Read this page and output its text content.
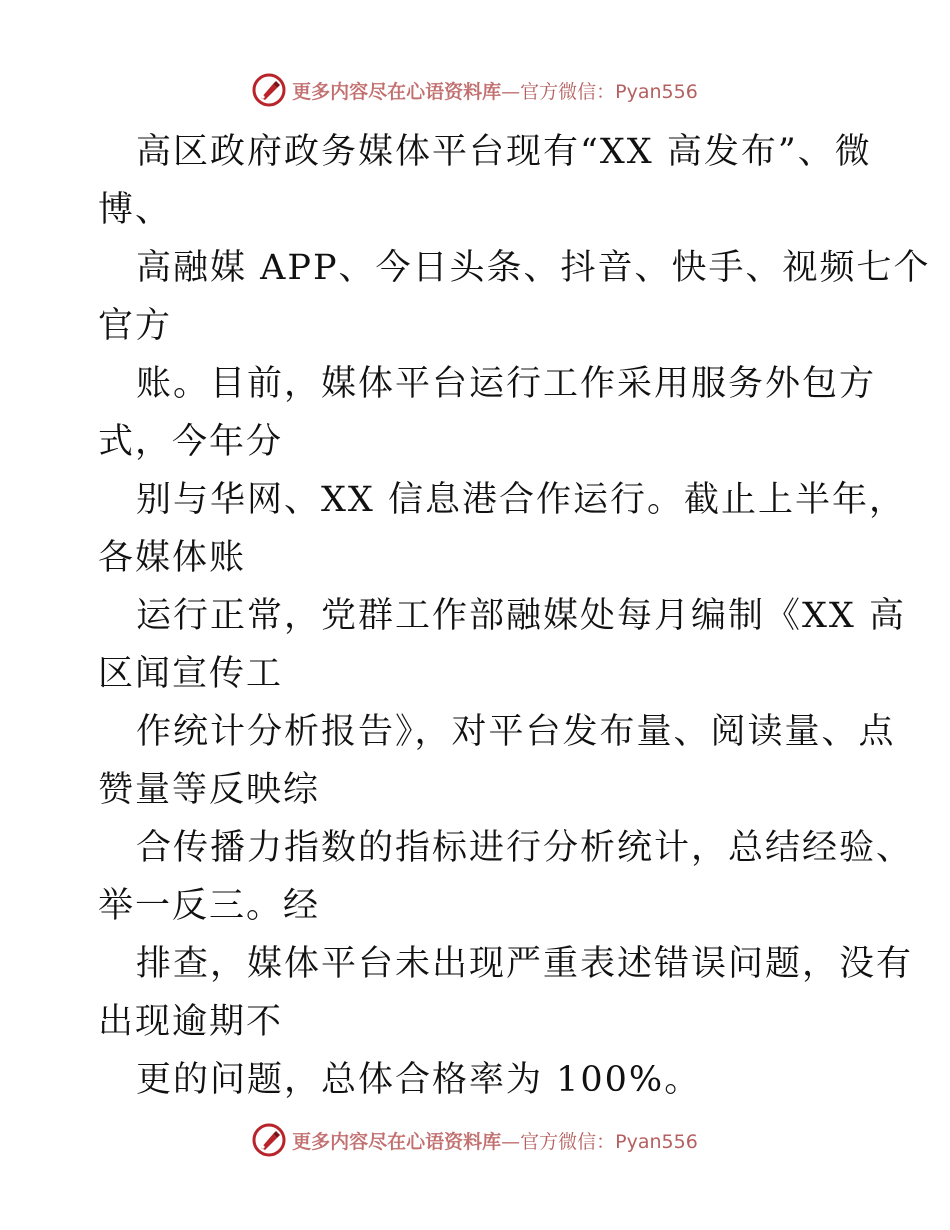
更多内容尽在心语资料库—官方微信：Pyan556
高区政府政务媒体平台现有“XX 高发布”、微
博、
高融媒 APP、今日头条、抖音、快手、视频七个
官方
账。目前，媒体平台运行工作采用服务外包方
式，今年分
别与华网、XX 信息港合作运行。截止上半年，
各媒体账
运行正常，党群工作部融媒处每月编制《XX 高
区闻宣传工
作统计分析报告》，对平台发布量、阅读量、点
赞量等反映综
合传播力指数的指标进行分析统计，总结经验、
举一反三。经
排查，媒体平台未出现严重表述错误问题，没有
出现逾期不
更的问题，总体合格率为 100%。
更多内容尽在心语资料库—官方微信：Pyan556
